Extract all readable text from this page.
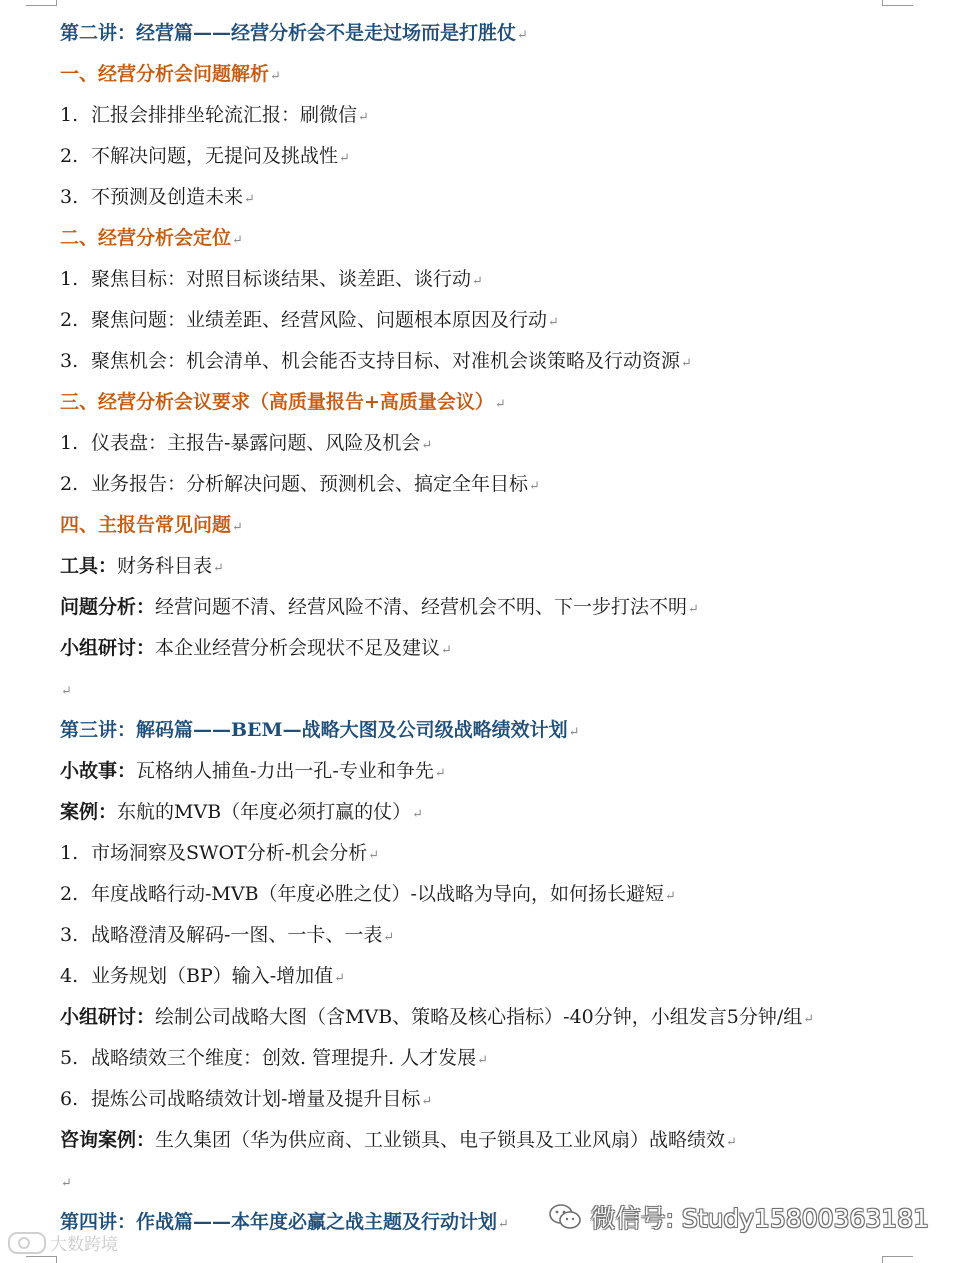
第二讲：经营篇——经营分析会不是走过场而是打胜仗↵
一、经营分析会问题解析↵
1. 汇报会排排坐轮流汇报：刷微信↵
2. 不解决问题，无提问及挑战性↵
3. 不预测及创造未来↵
二、经营分析会定位↵
1. 聚焦目标：对照目标谈结果、谈差距、谈行动↵
2. 聚焦问题：业绩差距、经营风险、问题根本原因及行动↵
3. 聚焦机会：机会清单、机会能否支持目标、对准机会谈策略及行动资源↵
三、经营分析会议要求（高质量报告+高质量会议）↵
1. 仪表盘：主报告-暴露问题、风险及机会↵
2. 业务报告：分析解决问题、预测机会、搞定全年目标↵
四、主报告常见问题↵
工具：财务科目表↵
问题分析：经营问题不清、经营风险不清、经营机会不明、下一步打法不明↵
小组研讨：本企业经营分析会现状不足及建议↵
↵
第三讲：解码篇——BEM—战略大图及公司级战略绩效计划↵
小故事：瓦格纳人捕鱼-力出一孔-专业和争先↵
案例：东航的MVB（年度必须打赢的仗）↵
1. 市场洞察及SWOT分析-机会分析↵
2. 年度战略行动-MVB（年度必胜之仗）-以战略为导向，如何扬长避短↵
3. 战略澄清及解码-一图、一卡、一表↵
4. 业务规划（BP）输入-增加值↵
小组研讨：绘制公司战略大图（含MVB、策略及核心指标）-40分钟，小组发言5分钟/组↵
5. 战略绩效三个维度：创效. 管理提升. 人才发展↵
6. 提炼公司战略绩效计划-增量及提升目标↵
咨询案例：生久集团（华为供应商、工业锁具、电子锁具及工业风扇）战略绩效↵
↵
第四讲：作战篇——本年度必赢之战主题及行动计划↵
大数跨境
微信号: Study15800363181
